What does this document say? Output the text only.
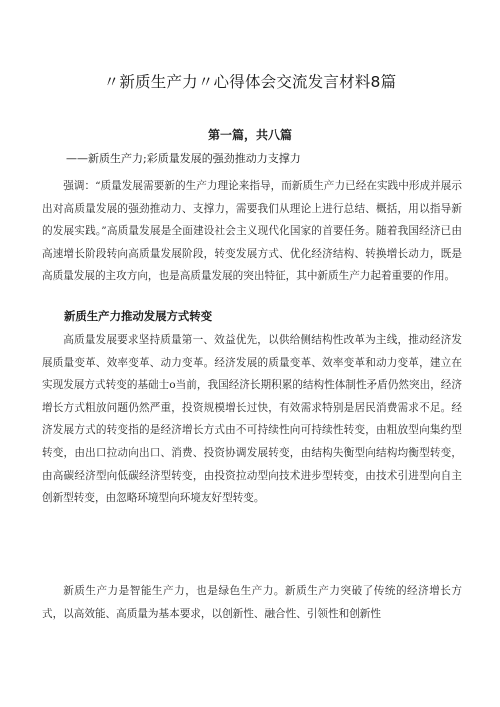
〃新质生产力〃心得体会交流发言材料8篇
第一篇，共八篇
——新质生产力;彩质量发展的强劲推动力支撑力

强调：“质量发展需要新的生产力理论来指导，而新质生产力已经在实践中形成并展示出对高质量发展的强劲推动力、支撑力，需要我们从理论上进行总结、概括，用以指导新的发展实践。”高质量发展是全面建设社会主义现代化国家的首要任务。随着我国经济已由高速增长阶段转向高质量发展阶段，转变发展方式、优化经济结构、转换增长动力，既是高质量发展的主攻方向，也是高质量发展的突出特征，其中新质生产力起着重要的作用。

新质生产力推动发展方式转变

高质量发展要求坚持质量第一、效益优先，以供给侧结构性改革为主线，推动经济发展质量变革、效率变革、动力变革。经济发展的质量变革、效率变革和动力变革，建立在实现发展方式转变的基础士o当前，我国经济长期积累的结构性体制性矛盾仍然突出，经济增长方式粗放问题仍然严重，投资规模增长过快，有效需求特别是居民消费需求不足。经济发展方式的转变指的是经济增长方式由不可持续性向可持续性转变，由粗放型向集约型转变，由出口拉动向出口、消费、投资协调发展转变，由结构失衡型向结构均衡型转变，由高碳经济型向低碳经济型转变，由投资拉动型向技术进步型转变，由技术引进型向自主创新型转变，由忽略环境型向环境友好型转变。

新质生产力是智能生产力，也是绿色生产力。新质生产力突破了传统的经济增长方式，以高效能、高质量为基本要求，以创新性、融合性、引领性和创新性
